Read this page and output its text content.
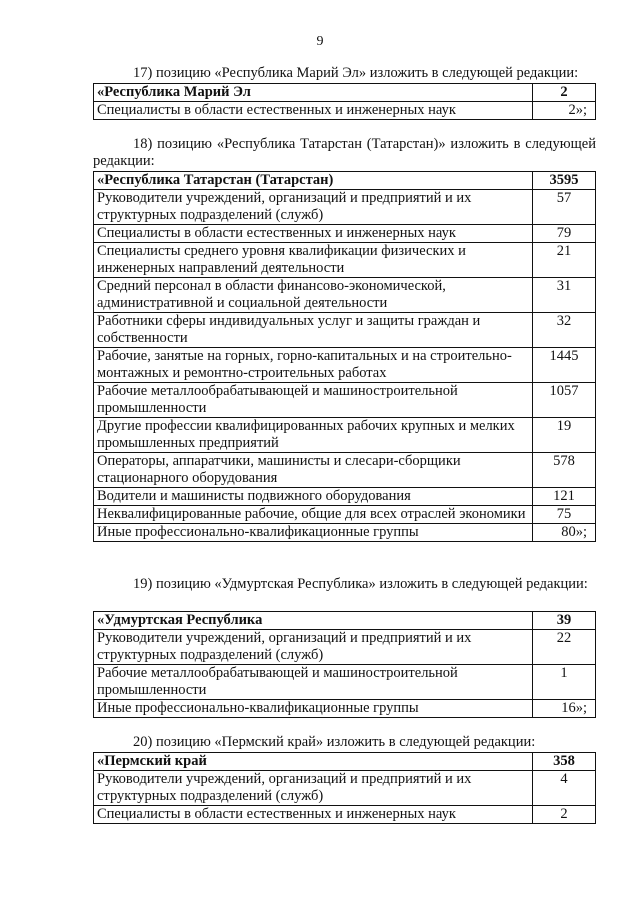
9
17) позицию «Республика Марий Эл» изложить в следующей редакции:
«Республика Марий Эл	2
Специалисты в области естественных и инженерных наук	2»;
18) позицию «Республика Татарстан (Татарстан)» изложить в следующей редакции:
«Республика Татарстан (Татарстан)	3595
Руководители учреждений, организаций и предприятий и их структурных подразделений (служб)	57
Специалисты в области естественных и инженерных наук	79
Специалисты среднего уровня квалификации физических и инженерных направлений деятельности	21
Средний персонал в области финансово-экономической, административной и социальной деятельности	31
Работники сферы индивидуальных услуг и защиты граждан и собственности	32
Рабочие, занятые на горных, горно-капитальных и на строительно-монтажных и ремонтно-строительных работах	1445
Рабочие металлообрабатывающей и машиностроительной промышленности	1057
Другие профессии квалифицированных рабочих крупных и мелких промышленных предприятий	19
Операторы, аппаратчики, машинисты и слесари-сборщики стационарного оборудования	578
Водители и машинисты подвижного оборудования	121
Неквалифицированные рабочие, общие для всех отраслей экономики	75
Иные профессионально-квалификационные группы	80»;
19) позицию «Удмуртская Республика» изложить в следующей редакции:
«Удмуртская Республика	39
Руководители учреждений, организаций и предприятий и их структурных подразделений (служб)	22
Рабочие металлообрабатывающей и машиностроительной промышленности	1
Иные профессионально-квалификационные группы	16»;
20) позицию «Пермский край» изложить в следующей редакции:
«Пермский край	358
Руководители учреждений, организаций и предприятий и их структурных подразделений (служб)	4
Специалисты в области естественных и инженерных наук	2
